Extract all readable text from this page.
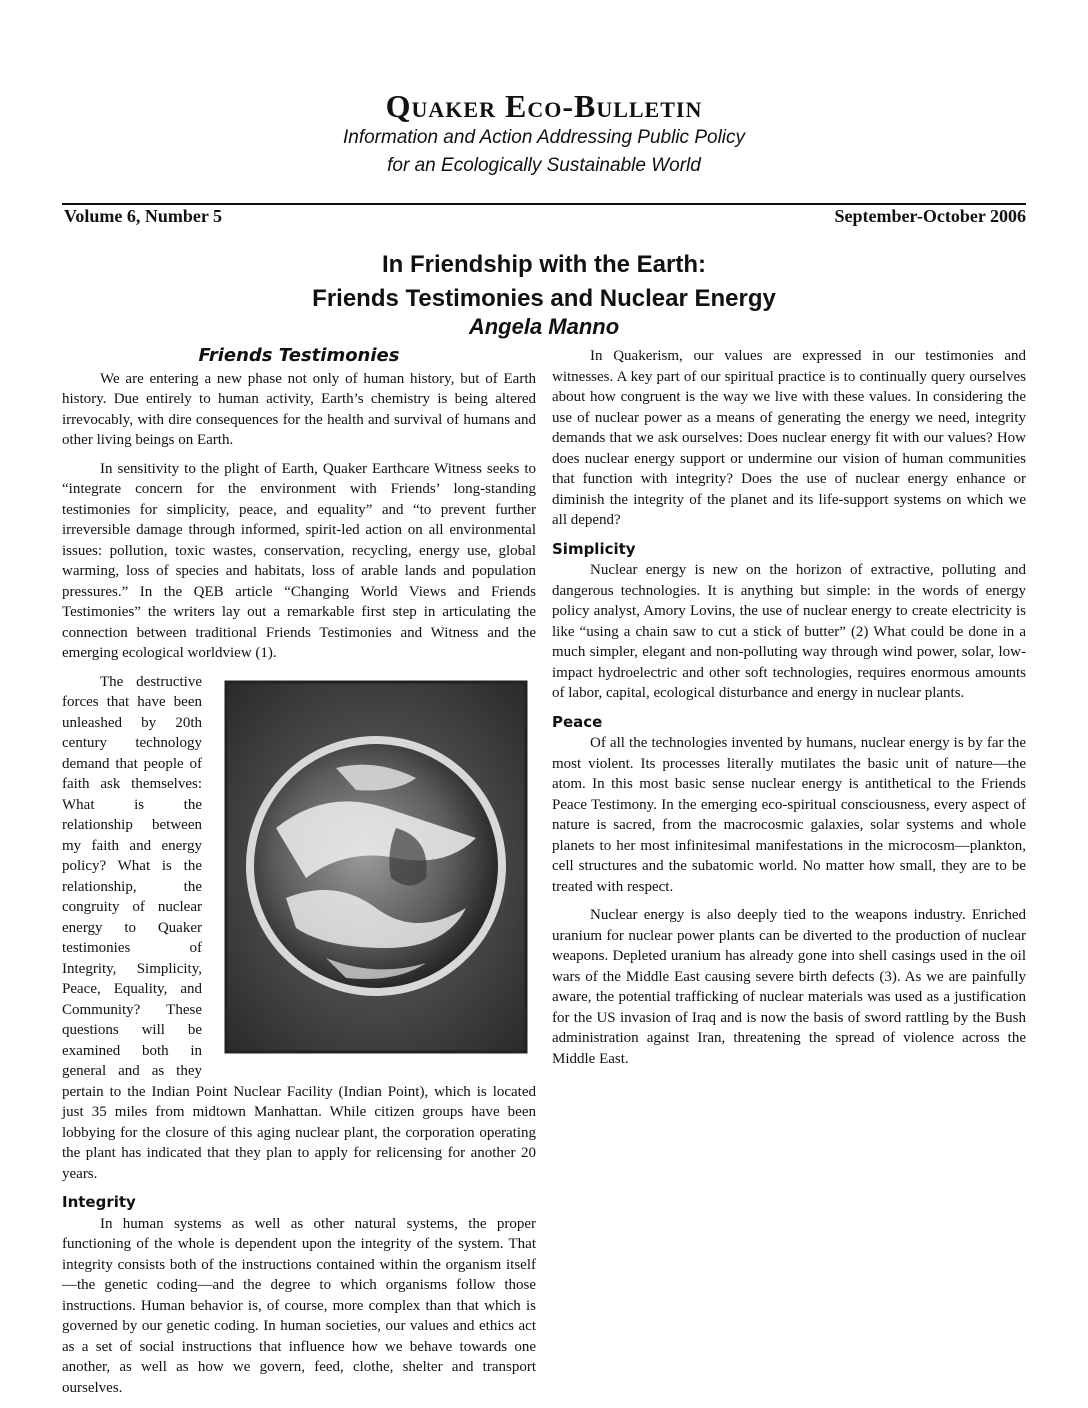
Quaker Eco-Bulletin
Information and Action Addressing Public Policy
for an Ecologically Sustainable World
Volume 6, Number 5	September-October 2006
In Friendship with the Earth:
Friends Testimonies and Nuclear Energy
Angela Manno
Friends Testimonies

We are entering a new phase not only of human history, but of Earth history. Due entirely to human activity, Earth’s chemistry is being altered irrevocably, with dire consequences for the health and survival of humans and other living beings on Earth.

In sensitivity to the plight of Earth, Quaker Earthcare Witness seeks to “integrate concern for the environment with Friends’ long-standing testimonies for simplicity, peace, and equality” and “to prevent further irreversible damage through informed, spirit-led action on all environmental issues: pollution, toxic wastes, conservation, recycling, energy use, global warming, loss of species and habitats, loss of arable lands and population pressures.” In the QEB article “Changing World Views and Friends Testimonies” the writers lay out a remarkable first step in articulating the connection between traditional Friends Testimonies and Witness and the emerging ecological worldview (1).

The destructive forces that have been unleashed by 20th century technology demand that people of faith ask themselves: What is the relationship between my faith and energy policy? What is the relationship, the congruity of nuclear energy to Quaker testimonies of Integrity, Simplicity, Peace, Equality, and Community? These questions will be examined both in general and as they pertain to the Indian Point Nuclear Facility (Indian Point), which is located just 35 miles from midtown Manhattan. While citizen groups have been lobbying for the closure of this aging nuclear plant, the corporation operating the plant has indicated that they plan to apply for relicensing for another 20 years.

Integrity

In human systems as well as other natural systems, the proper functioning of the whole is dependent upon the integrity of the system. That integrity consists both of the instructions contained within the organism itself—the genetic coding—and the degree to which organisms follow those instructions. Human behavior is, of course, more complex than that which is governed by our genetic coding. In human societies, our values and ethics act as a set of social instructions that influence how we behave towards one another, as well as how we govern, feed, clothe, shelter and transport ourselves.

In Quakerism, our values are expressed in our testimonies and witnesses. A key part of our spiritual practice is to continually query ourselves about how congruent is the way we live with these values. In considering the use of nuclear power as a means of generating the energy we need, integrity demands that we ask ourselves: Does nuclear energy fit with our values? How does nuclear energy support or undermine our vision of human communities that function with integrity? Does the use of nuclear energy enhance or diminish the integrity of the planet and its life-support systems on which we all depend?

Simplicity

Nuclear energy is new on the horizon of extractive, polluting and dangerous technologies. It is anything but simple: in the words of energy policy analyst, Amory Lovins, the use of nuclear energy to create electricity is like “using a chain saw to cut a stick of butter” (2) What could be done in a much simpler, elegant and non-polluting way through wind power, solar, low-impact hydroelectric and other soft technologies, requires enormous amounts of labor, capital, ecological disturbance and energy in nuclear plants.

Peace

Of all the technologies invented by humans, nuclear energy is by far the most violent. Its processes literally mutilates the basic unit of nature—the atom. In this most basic sense nuclear energy is antithetical to the Friends Peace Testimony. In the emerging eco-spiritual consciousness, every aspect of nature is sacred, from the macrocosmic galaxies, solar systems and whole planets to her most infinitesimal manifestations in the microcosm—plankton, cell structures and the subatomic world. No matter how small, they are to be treated with respect.

Nuclear energy is also deeply tied to the weapons industry. Enriched uranium for nuclear power plants can be diverted to the production of nuclear weapons. Depleted uranium has already gone into shell casings used in the oil wars of the Middle East causing severe birth defects (3). As we are painfully aware, the potential trafficking of nuclear materials was used as a justification for the US invasion of Iraq and is now the basis of sword rattling by the Bush administration against Iran, threatening the spread of violence across the Middle East.
